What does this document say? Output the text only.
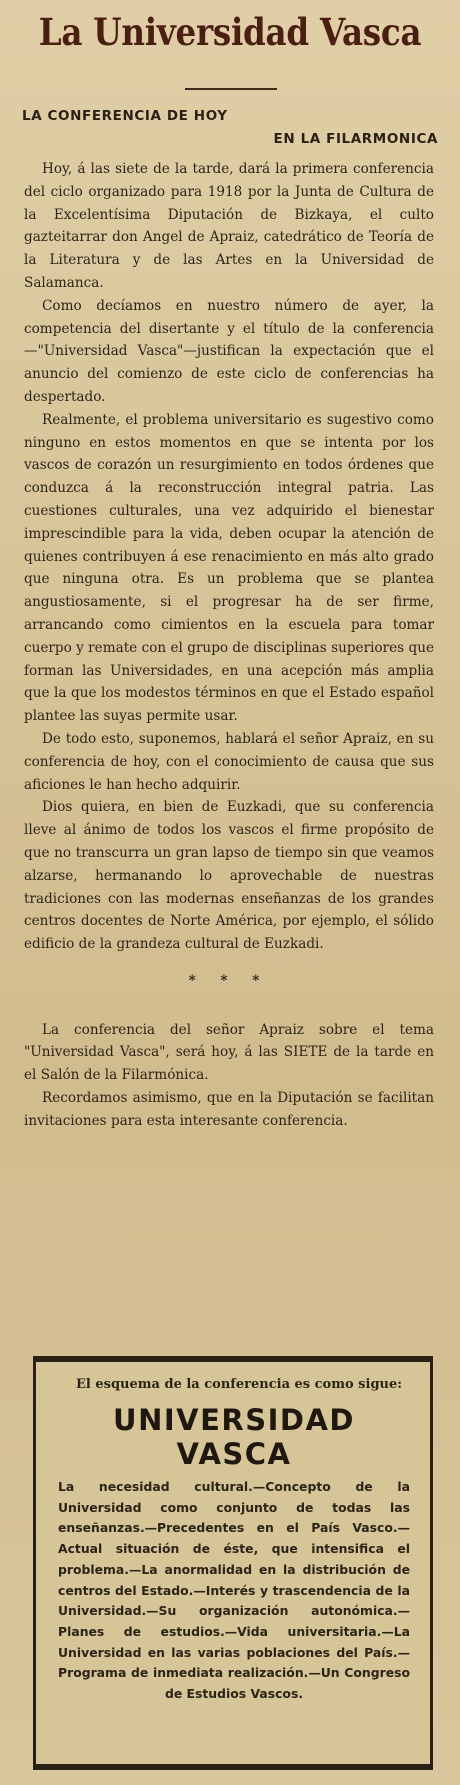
La Universidad Vasca
LA CONFERENCIA DE HOY
EN LA FILARMONICA

Hoy, á las siete de la tarde, dará la primera conferencia del ciclo organizado para 1918 por la Junta de Cultura de la Excelentísima Diputación de Bizkaya, el culto gazteitarrar don Angel de Apraiz, catedrático de Teoría de la Literatura y de las Artes en la Universidad de Salamanca.

Como decíamos en nuestro número de ayer, la competencia del disertante y el título de la conferencia —"Universidad Vasca"—justifican la expectación que el anuncio del comienzo de este ciclo de conferencias ha despertado.

Realmente, el problema universitario es sugestivo como ninguno en estos momentos en que se intenta por los vascos de corazón un resurgimiento en todos órdenes que conduzca á la reconstrucción integral patria. Las cuestiones culturales, una vez adquirido el bienestar imprescindible para la vida, deben ocupar la atención de quienes contribuyen á ese renacimiento en más alto grado que ninguna otra. Es un problema que se plantea angustiosamente, si el progresar ha de ser firme, arrancando como cimientos en la escuela para tomar cuerpo y remate con el grupo de disciplinas superiores que forman las Universidades, en una acepción más amplia que la que los modestos términos en que el Estado español plantee las suyas permite usar.

De todo esto, suponemos, hablará el señor Apraiz, en su conferencia de hoy, con el conocimiento de causa que sus aficiones le han hecho adquirir.

Dios quiera, en bien de Euzkadi, que su conferencia lleve al ánimo de todos los vascos el firme propósito de que no transcurra un gran lapso de tiempo sin que veamos alzarse, hermanando lo aprovechable de nuestras tradiciones con las modernas enseñanzas de los grandes centros docentes de Norte América, por ejemplo, el sólido edificio de la grandeza cultural de Euzkadi.

* * *

La conferencia del señor Apraiz sobre el tema "Universidad Vasca", será hoy, á las SIETE de la tarde en el Salón de la Filarmónica.

Recordamos asimismo, que en la Diputación se facilitan invitaciones para esta interesante conferencia.

El esquema de la conferencia es como sigue:

UNIVERSIDAD VASCA

La necesidad cultural.—Concepto de la Universidad como conjunto de todas las enseñanzas.—Precedentes en el País Vasco.—Actual situación de éste, que intensifica el problema.—La anormalidad en la distribución de centros del Estado.—Interés y trascendencia de la Universidad.—Su organización autonómica.—Planes de estudios.—Vida universitaria.—La Universidad en las varias poblaciones del País.—Programa de inmediata realización.—Un Congreso de Estudios Vascos.
